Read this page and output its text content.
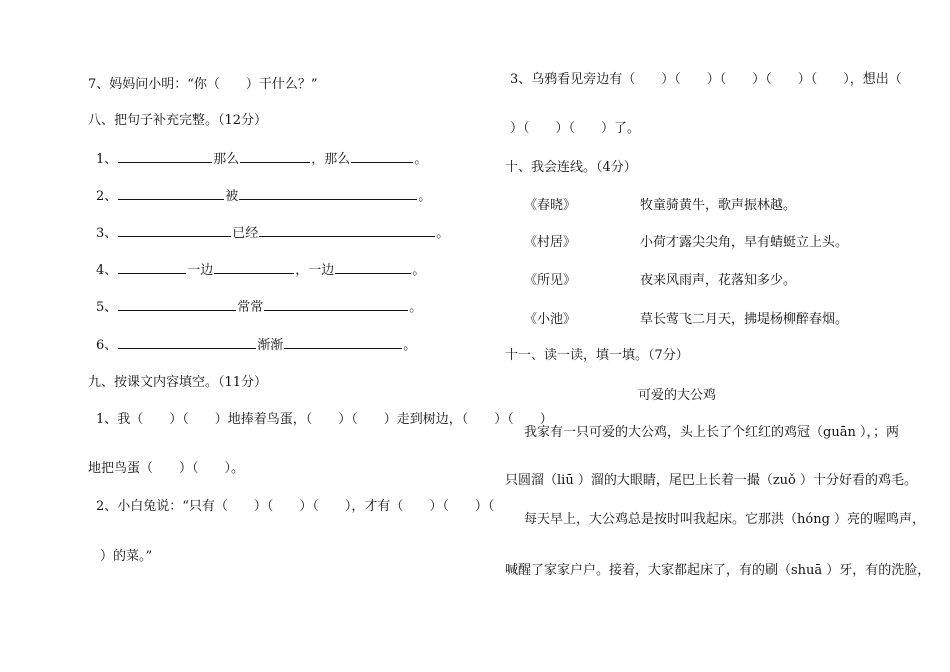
7、妈妈问小明：“你（　　）干什么？”
八、把句子补充完整。（12分）
1、	那么	，那么	。
2、	被	。
3、	已经	。
4、	一边	，一边	。
5、	常常	。
6、	渐渐	。
九、按课文内容填空。（11分）
1、我（　　）（　　）地捧着鸟蛋，（　　）（　　）走到树边，（　　）（　　）
地把鸟蛋（　　）（　　）。
2、小白兔说：“只有（　　）（　　）（　　），才有（　　）（　　）（　
）的菜。”
3、乌鸦看见旁边有（　　）（　　）（　　）（　　）（　　），想出（
）（　　）（　　）了。
十、我会连线。（4分）
《春晓》	牧童骑黄牛，歌声振林越。
《村居》	小荷才露尖尖角，早有蜻蜓立上头。
《所见》	夜来风雨声，花落知多少。
《小池》	草长莺飞二月天，拂堤杨柳醉春烟。
十一、读一读，填一填。（7分）
可爱的大公鸡
我家有一只可爱的大公鸡，头上长了个红红的鸡冠（guān ），；两
只圆溜（liū ）溜的大眼睛，尾巴上长着一撮（zuǒ ）十分好看的鸡毛。
每天早上，大公鸡总是按时叫我起床。它那洪（hóng ）亮的喔鸣声，
喊醒了家家户户。接着，大家都起床了，有的刷（shuā ）牙，有的洗脸，
